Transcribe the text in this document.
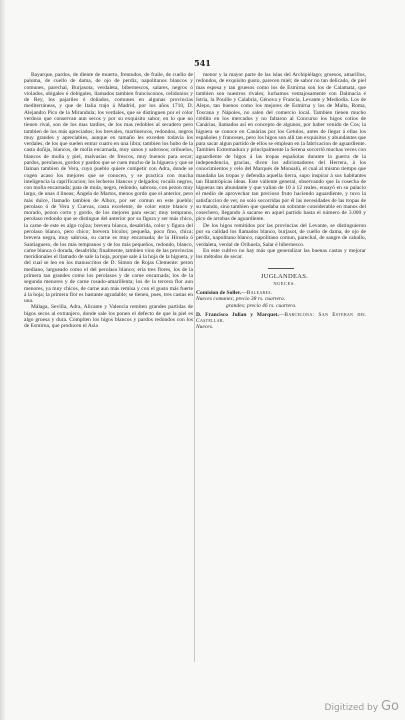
541

Bayarque, pardos, de diente de muerto, frentudos, de fraile, de cuello de paloma, de cuello de dama, de ojo de perdiz, napolitanos blancos y comunes, parechal, Burjasota, verdaleta, bibernescos, salares, negros ó violados, obigales ó dobigales, llamados tambien francisconos, celidonios y de Rey, los pajariles ó doñados, comunes en algunas provincias mediterráneas, y que de Italia trajo á Madrid, por los años 1710, D. Alejandro Pico de la Mirandula; los verdales, que se distinguen por el color verdoso que conservan aun secos y por su exquisito sabor, en lo que no tienen rival, son de los mas tardíos, de los mas redobles al secadero pero tambien de los más apreciados; los brevales, martinencos, redondos, negros muy grandes y apreciables, aunque en tamaño les exceden todavía los verdales, de los que suelen entrar cuatro en una libra; tambien los hubo de la casta doñija, blancos, de molla encarnada, muy sanos y sabrosos; orihuelos, blancos de molla y piel, malvasías de frescos, muy buenos para secar; pardos, perolasos, gordos y pardos que se cuen mucho de la higuera y que se llaman tambien de Vera, cuyo pueblo quiere competir con Adra, donde se cogen acaso los mejores que se conocen, y se practica con mucha inteligencia la caprificacion; los lecheros blancos y delgados; rocalís negros, con molla encarnada; pata de mula, negro, redondo, sabroso, con pezon muy largo, de unas 4 lineas; Ángela de Martos, menos gordo que el anterior, pero más dulce, llamado tambien de Alhox, por ser comun en este pueblo; perolaso ó de Vera y Cuevas, casta excelente, de color entre blanco y morado, pezon corto y gordo, de los mejores para secar; muy temprano, perolaso redondo que se distingue del anterior por su figura y ser más chico, la carne de este es algo rojiza; brevera blanca, desabrida, color y figura del perolaso blanco, pero chico; brevera bicolor, pequeña, poco fino, chica; brevera negra, muy sabrosa, su carne es muy encarnada; de la Hiruela ó Santiaguero, de los más tempranos y de los más pequeños, redondo, blanco, carne blanca ó dorada, desabrida; finalmente, tambien vino de las provincias meridionales el llamado de sale la hoja, porque sale á la hoja de la higuera, y del cual se leo en los manuscritos de D. Simon de Rojas Clemente: peron mediano, largueado como el del perolaso blanco; eria tres flores, los de la primera tan grandes como los perolasos y de carne encarnada; los de la segunda menores y de carne rosado-amarillenta; los de la tercera flor aun menores, ya muy chicos, de carne aun más remisa y con el gusto más fuerte á la hoja; la primera flor es bastante agradable; se tienen, pues, tres castas en una.

Málaga, Sevilla, Adra, Alicante y Valencia remiten grandes partidas de higos secos al extranjero, donde sale los ponen el defecto de que la piel es algo gruesa y dura. Compiten los higos blancos y pardos redondos con los de Esmirna, que producen el Asia

menor y la mayor parte de las islas del Archipiélago; gruesos, amarillos, redondos, de exquisito gusto, parecen miel; de sabor no tan delicado, de piel mas espesa y tan gruesos como los de Esmirna son los de Calamata, que tambien son nuestros rivales; luchamos ventajosamente con Dalmacia é Istria, la Pouille y Calabria, Génova y Francia, Levante y Mediodía. Los de Alepo, tan buenos como los mejores de Esmirna y los de Malta, Roma, Toscana y Nápoles, no salen del comercio local. Tambien tienen mucho crédito en los mercados y no faltaron al Concurso los higos cotios de Canárias, llamados así en concepto de algunos, por haber venido de Cos; la higuera se conoce en Canárias por los Getulos, antes de llegar á ellas los españoles y franceses, pero los higos son allí tan exquisitos y abundantes que para sacar algun partido de ellos se emplean en la fabricacion de aguardiente. Tambien Extremadura y principalmente la Serena socorrió muchas veces con aguardiente de higos á las tropas españolas durante la guerra de la independencia, gracias, dicen los adicionadores del Herrera, á los conocimientos y celo del Marqués de Monsalú, el cual al mismo tiempo que mandaba las tropas y defendia aquella tierra, supo inspirar á sus habitantes tan filantrópicas ideas. Este valiente general, observando que la cosecha de higueras tan abundante y que valian de 10 á 12 reales, ensayó en su palacio el medio de aprovechar tan precioso fruto haciendo aguardiente, y tuvo la satisfaccion de ver, no solo socorridas por él las necesidades de las tropas de su mando, sino tambien que quedaba un sobrante considerable en manos del cosechero, llegando á sacarse en aquel partido hasta el número de 3.000 y pico de arrobas de aguardiente.

De los higos remitidos por las provincias del Levante, se distinguieron por su calidad los llamados blanco, burjasot, de cuello de dama, de ojo de perdiz, napolitano blanco, napolitano comun, parechal, de sangre de caballo, verdaleta, verdal de Orihuela, Salar é hibernesco.

En este cultivo no hay más que generalizar las buenas castas y mejorar los métodos de secar.

JUGLANDEAS.

NUECES.

Comision de Soller.—Baleares.

Nueces comunes; precio 38 rs. cuartera.

grandes; precio 46 rs. cuartera.

D. Francisco Julian y Marquet.—Barcelona: San Esteban del Castellar.

Nueces.

Digitized by Go
